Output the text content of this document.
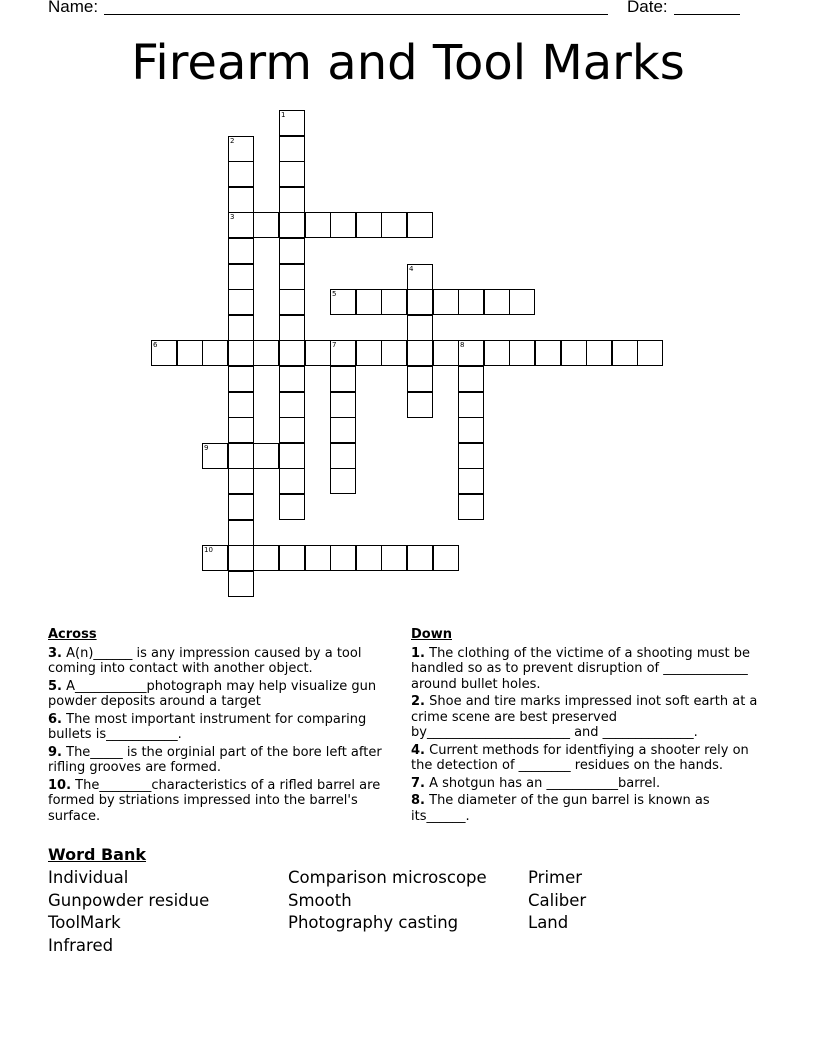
Name:	Date:
Firearm and Tool Marks
1
2
3
4
5
6	7	8
9
10
Across
3. A(n)______ is any impression caused by a tool coming into contact with another object.
5. A___________photograph may help visualize gun powder deposits around a target
6. The most important instrument for comparing bullets is___________.
9. The_____ is the orginial part of the bore left after rifling grooves are formed.
10. The________characteristics of a rifled barrel are formed by striations impressed into the barrel's surface.
Down
1. The clothing of the victime of a shooting must be handled so as to prevent disruption of _____________ around bullet holes.
2. Shoe and tire marks impressed inot soft earth at a crime scene are best preserved by______________________ and ______________.
4. Current methods for identfiying a shooter rely on the detection of ________ residues on the hands.
7. A shotgun has an ___________barrel.
8. The diameter of the gun barrel is known as its______.
Word Bank
Individual
Gunpowder residue
ToolMark
Infrared
Comparison microscope
Smooth
Photography casting
Primer
Caliber
Land
